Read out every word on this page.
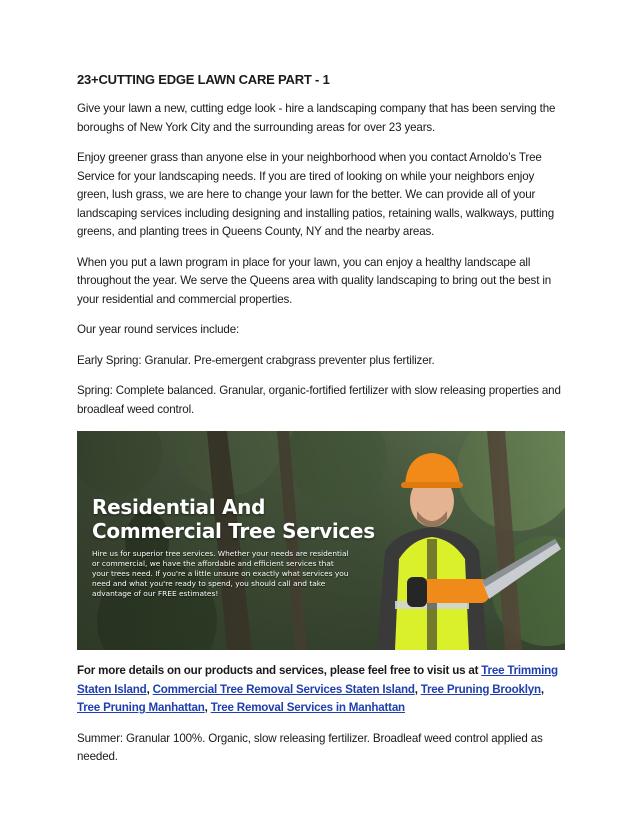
23+CUTTING EDGE LAWN CARE PART - 1

Give your lawn a new, cutting edge look - hire a landscaping company that has been serving the boroughs of New York City and the surrounding areas for over 23 years.

Enjoy greener grass than anyone else in your neighborhood when you contact Arnoldo’s Tree Service for your landscaping needs. If you are tired of looking on while your neighbors enjoy green, lush grass, we are here to change your lawn for the better. We can provide all of your landscaping services including designing and installing patios, retaining walls, walkways, putting greens, and planting trees in Queens County, NY and the nearby areas.

When you put a lawn program in place for your lawn, you can enjoy a healthy landscape all throughout the year. We serve the Queens area with quality landscaping to bring out the best in your residential and commercial properties.

Our year round services include:

Early Spring: Granular. Pre-emergent crabgrass preventer plus fertilizer.

Spring: Complete balanced. Granular, organic-fortified fertilizer with slow releasing properties and broadleaf weed control.

Residential And Commercial Tree Services
Hire us for superior tree services. Whether your needs are residential or commercial, we have the affordable and efficient services that your trees need. If you're a little unsure on exactly what services you need and what you're ready to spend, you should call and take advantage of our FREE estimates!

For more details on our products and services, please feel free to visit us at Tree Trimming Staten Island, Commercial Tree Removal Services Staten Island, Tree Pruning Brooklyn, Tree Pruning Manhattan, Tree Removal Services in Manhattan

Summer: Granular 100%. Organic, slow releasing fertilizer. Broadleaf weed control applied as needed.
